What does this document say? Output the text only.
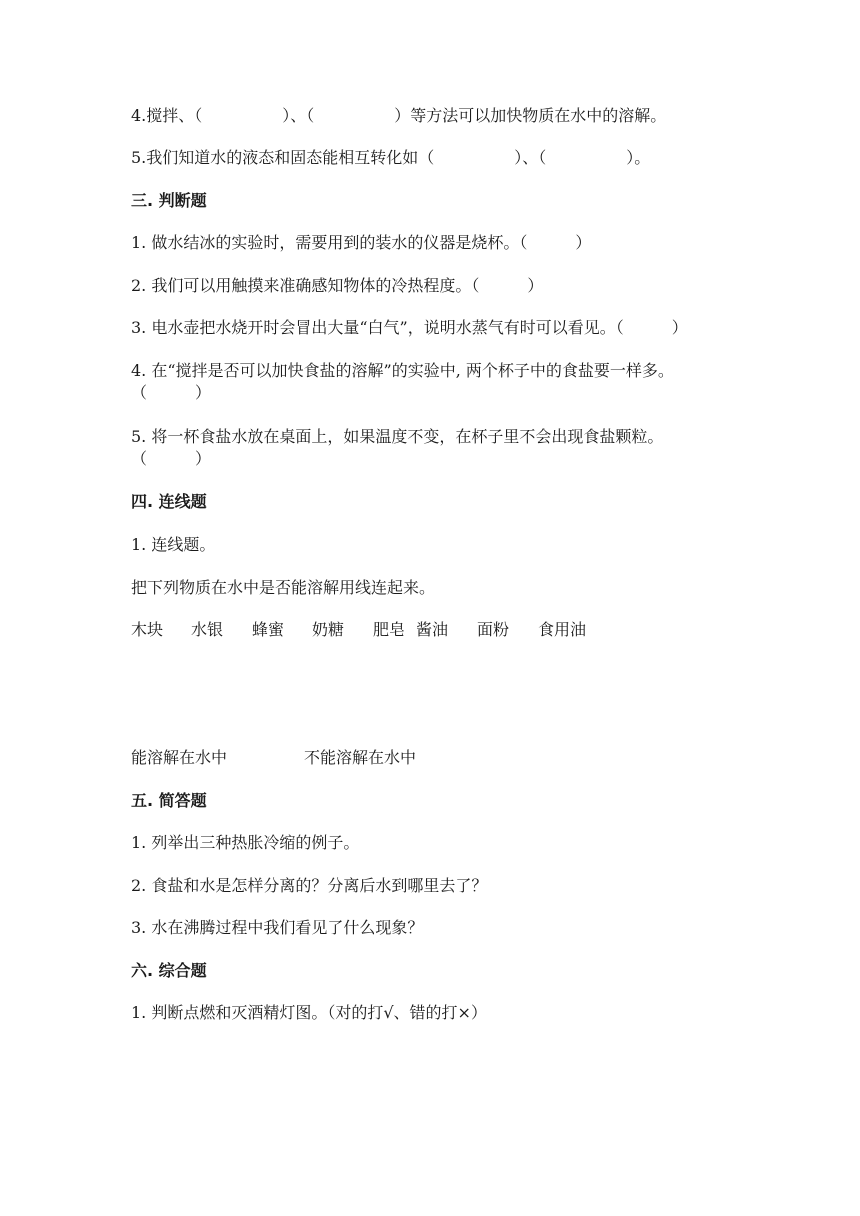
4.搅拌、（	）、（	）等方法可以加快物质在水中的溶解。
5.我们知道水的液态和固态能相互转化如（	）、（	）。
三. 判断题
1. 做水结冰的实验时，需要用到的装水的仪器是烧杯。（　　　）
2. 我们可以用触摸来准确感知物体的冷热程度。（　　　）
3. 电水壶把水烧开时会冒出大量“白气”，说明水蒸气有时可以看见。（　　　）
4. 在“搅拌是否可以加快食盐的溶解”的实验中, 两个杯子中的食盐要一样多。
（　　　）
5. 将一杯食盐水放在桌面上，如果温度不变，在杯子里不会出现食盐颗粒。
（　　　）
四. 连线题
1. 连线题。
把下列物质在水中是否能溶解用线连起来。
木块 水银 蜂蜜 奶糖 肥皂 酱油 面粉 食用油
能溶解在水中	不能溶解在水中
五. 简答题
1. 列举出三种热胀冷缩的例子。
2. 食盐和水是怎样分离的？分离后水到哪里去了？
3. 水在沸腾过程中我们看见了什么现象？
六. 综合题
1. 判断点燃和灭酒精灯图。（对的打√、错的打×）
